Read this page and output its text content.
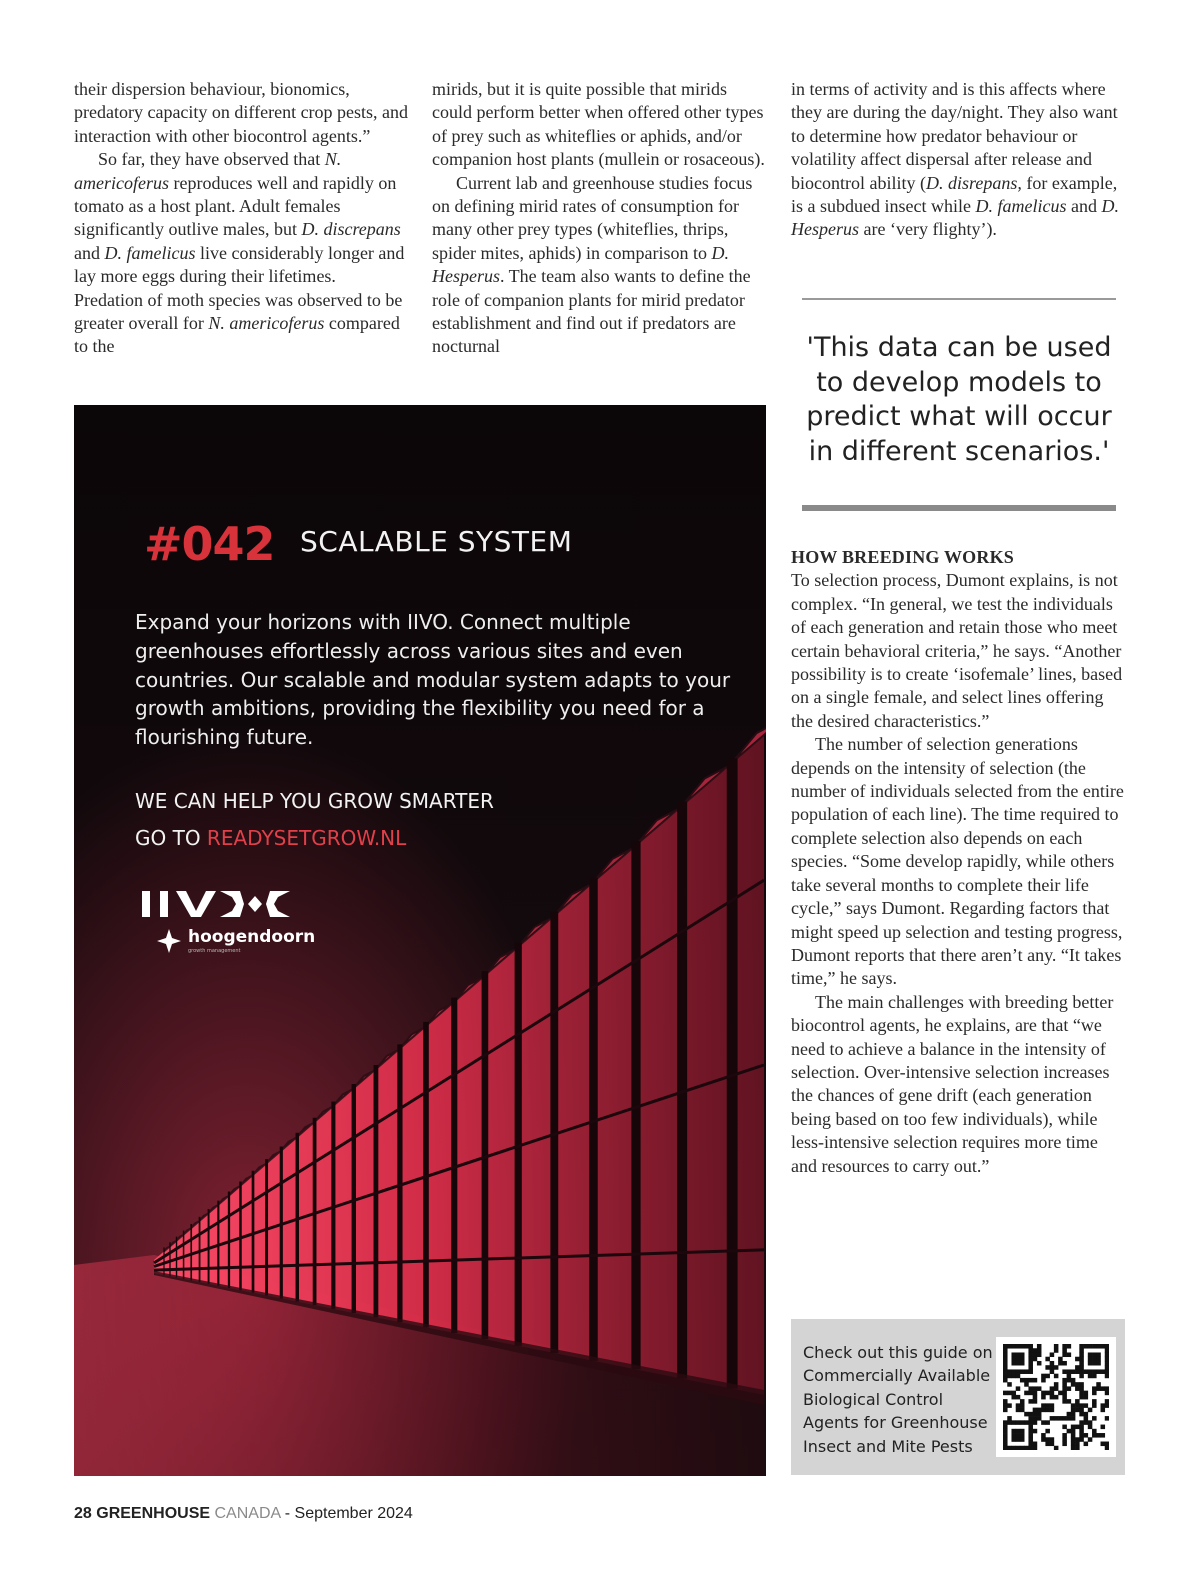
their dispersion behaviour, bionomics, predatory capacity on different crop pests, and interaction with other biocontrol agents.”

So far, they have observed that N. americoferus reproduces well and rapidly on tomato as a host plant. Adult females significantly outlive males, but D. discrepans and D. famelicus live considerably longer and lay more eggs during their lifetimes. Predation of moth species was observed to be greater overall for N. americoferus compared to the

mirids, but it is quite possible that mirids could perform better when offered other types of prey such as whiteflies or aphids, and/or companion host plants (mullein or rosaceous).

Current lab and greenhouse studies focus on defining mirid rates of consumption for many other prey types (whiteflies, thrips, spider mites, aphids) in comparison to D. Hesperus. The team also wants to define the role of companion plants for mirid predator establishment and find out if predators are nocturnal

in terms of activity and is this affects where they are during the day/night. They also want to determine how predator behaviour or volatility affect dispersal after release and biocontrol ability (D. disrepans, for example, is a subdued insect while D. famelicus and D. Hesperus are ‘very flighty’).

'This data can be used to develop models to predict what will occur in different scenarios.'

HOW BREEDING WORKS

To selection process, Dumont explains, is not complex. “In general, we test the individuals of each generation and retain those who meet certain behavioral criteria,” he says. “Another possibility is to create ‘isofemale’ lines, based on a single female, and select lines offering the desired characteristics.”

The number of selection generations depends on the intensity of selection (the number of individuals selected from the entire population of each line). The time required to complete selection also depends on each species. “Some develop rapidly, while others take several months to complete their life cycle,” says Dumont. Regarding factors that might speed up selection and testing progress, Dumont reports that there aren’t any. “It takes time,” he says.

The main challenges with breeding better biocontrol agents, he explains, are that “we need to achieve a balance in the intensity of selection. Over-intensive selection increases the chances of gene drift (each generation being based on too few individuals), while less-intensive selection requires more time and resources to carry out.”

#042 SCALABLE SYSTEM
Expand your horizons with IIVO. Connect multiple greenhouses effortlessly across various sites and even countries. Our scalable and modular system adapts to your growth ambitions, providing the flexibility you need for a flourishing future.
WE CAN HELP YOU GROW SMARTER
GO TO READYSETGROW.NL
hoogendoorn
growth management
Check out this guide on Commercially Available Biological Control Agents for Greenhouse Insect and Mite Pests
28 GREENHOUSE CANADA - September 2024
